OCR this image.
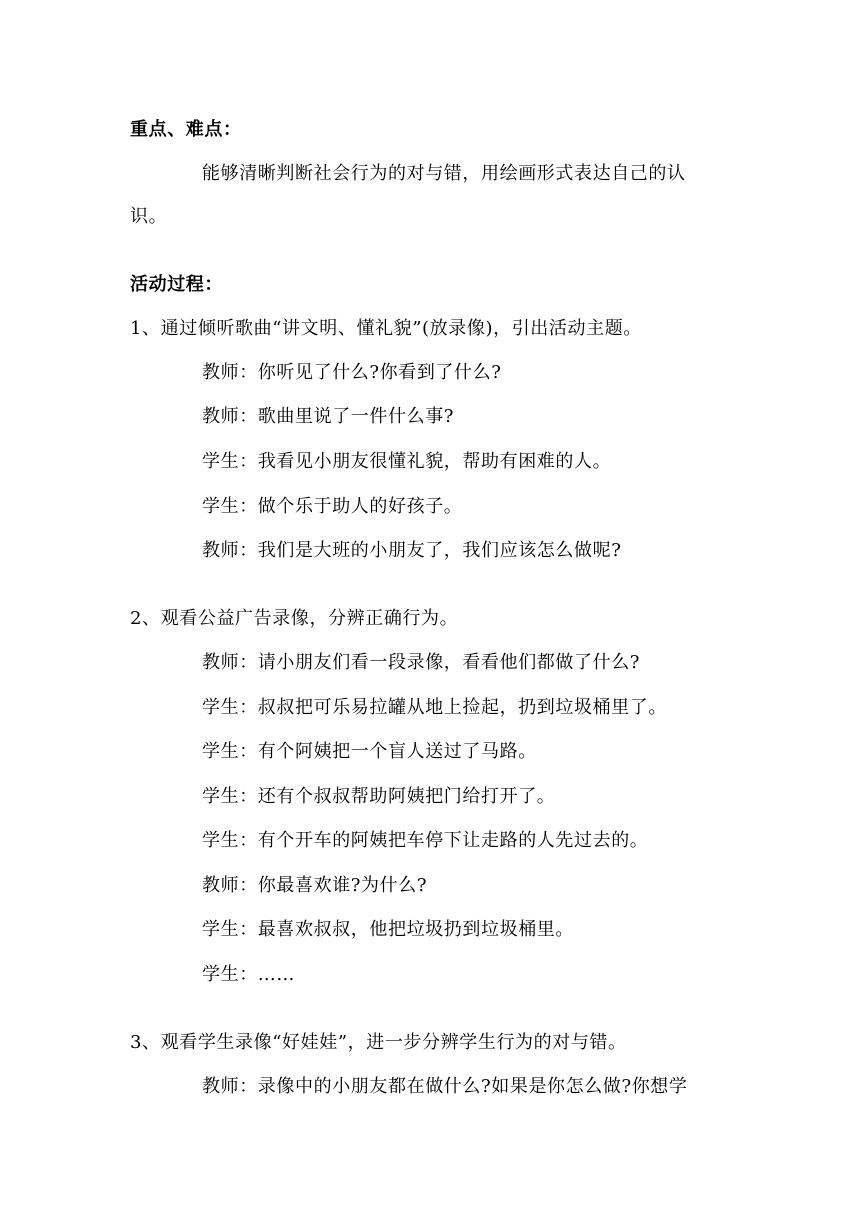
重点、难点：
能够清晰判断社会行为的对与错，用绘画形式表达自己的认
识。
活动过程：
1、通过倾听歌曲“讲文明、懂礼貌”(放录像)，引出活动主题。
教师：你听见了什么?你看到了什么?
教师：歌曲里说了一件什么事?
学生：我看见小朋友很懂礼貌，帮助有困难的人。
学生：做个乐于助人的好孩子。
教师：我们是大班的小朋友了，我们应该怎么做呢?
2、观看公益广告录像，分辨正确行为。
教师：请小朋友们看一段录像，看看他们都做了什么?
学生：叔叔把可乐易拉罐从地上捡起，扔到垃圾桶里了。
学生：有个阿姨把一个盲人送过了马路。
学生：还有个叔叔帮助阿姨把门给打开了。
学生：有个开车的阿姨把车停下让走路的人先过去的。
教师：你最喜欢谁?为什么?
学生：最喜欢叔叔，他把垃圾扔到垃圾桶里。
学生：……
3、观看学生录像“好娃娃”，进一步分辨学生行为的对与错。
教师：录像中的小朋友都在做什么?如果是你怎么做?你想学
